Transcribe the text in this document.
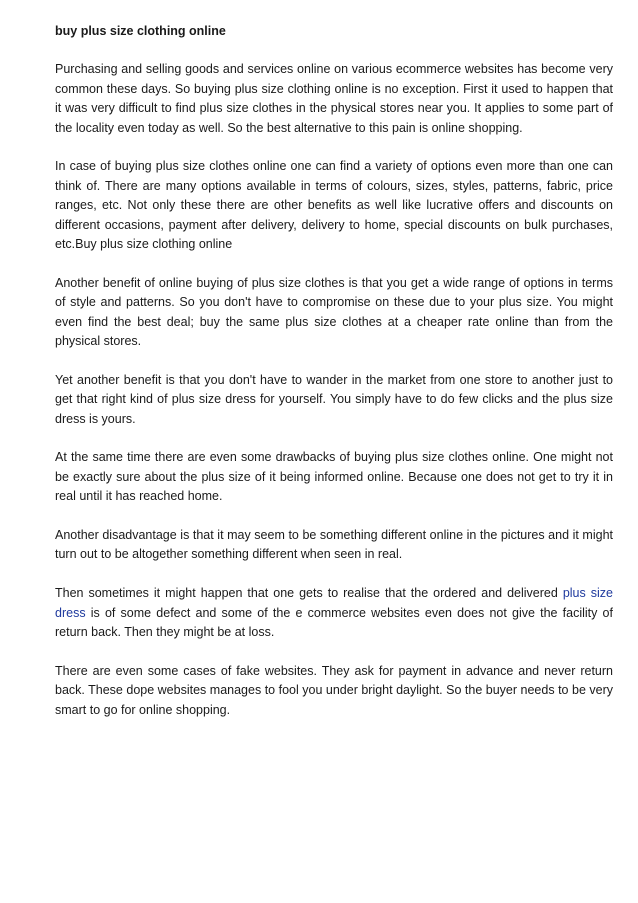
buy plus size clothing online

Purchasing and selling goods and services online on various ecommerce websites has become very common these days. So buying plus size clothing online is no exception. First it used to happen that it was very difficult to find plus size clothes in the physical stores near you. It applies to some part of the locality even today as well. So the best alternative to this pain is online shopping.

In case of buying plus size clothes online one can find a variety of options even more than one can think of. There are many options available in terms of colours, sizes, styles, patterns, fabric, price ranges, etc. Not only these there are other benefits as well like lucrative offers and discounts on different occasions, payment after delivery, delivery to home, special discounts on bulk purchases, etc.Buy plus size clothing online

Another benefit of online buying of plus size clothes is that you get a wide range of options in terms of style and patterns. So you don't have to compromise on these due to your plus size. You might even find the best deal; buy the same plus size clothes at a cheaper rate online than from the physical stores.

Yet another benefit is that you don't have to wander in the market from one store to another just to get that right kind of plus size dress for yourself. You simply have to do few clicks and the plus size dress is yours.

At the same time there are even some drawbacks of buying plus size clothes online. One might not be exactly sure about the plus size of it being informed online. Because one does not get to try it in real until it has reached home.

Another disadvantage is that it may seem to be something different online in the pictures and it might turn out to be altogether something different when seen in real.

Then sometimes it might happen that one gets to realise that the ordered and delivered plus size dress is of some defect and some of the e commerce websites even does not give the facility of return back. Then they might be at loss.

There are even some cases of fake websites. They ask for payment in advance and never return back. These dope websites manages to fool you under bright daylight. So the buyer needs to be very smart to go for online shopping.
